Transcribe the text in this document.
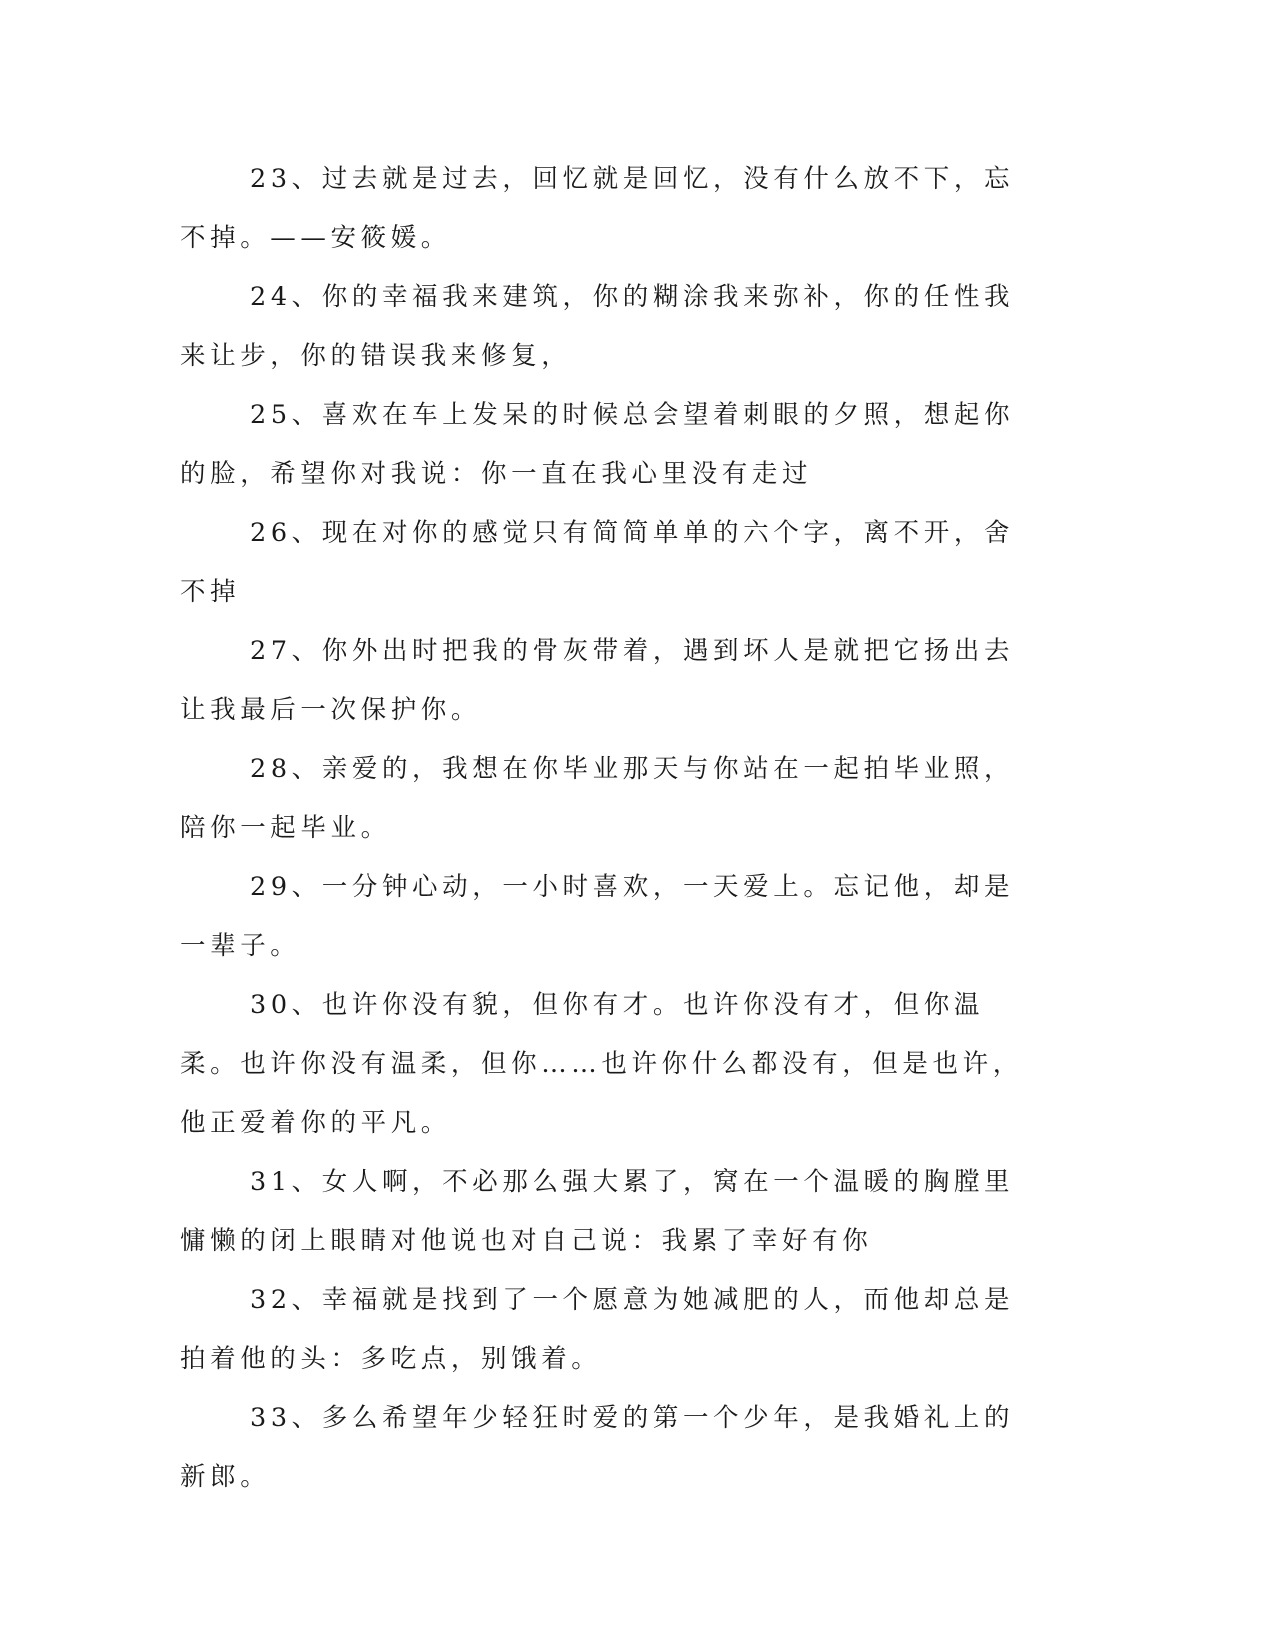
23、过去就是过去，回忆就是回忆，没有什么放不下，忘不掉。——安筱媛。

24、你的幸福我来建筑，你的糊涂我来弥补，你的任性我来让步，你的错误我来修复，

25、喜欢在车上发呆的时候总会望着刺眼的夕照，想起你的脸，希望你对我说：你一直在我心里没有走过

26、现在对你的感觉只有简简单单的六个字，离不开，舍不掉

27、你外出时把我的骨灰带着，遇到坏人是就把它扬出去让我最后一次保护你。

28、亲爱的，我想在你毕业那天与你站在一起拍毕业照，陪你一起毕业。

29、一分钟心动，一小时喜欢，一天爱上。忘记他，却是一辈子。

30、也许你没有貌，但你有才。也许你没有才，但你温柔。也许你没有温柔，但你……也许你什么都没有，但是也许，他正爱着你的平凡。

31、女人啊，不必那么强大累了，窝在一个温暖的胸膛里慵懒的闭上眼睛对他说也对自己说：我累了幸好有你

32、幸福就是找到了一个愿意为她减肥的人，而他却总是拍着他的头：多吃点，别饿着。

33、多么希望年少轻狂时爱的第一个少年，是我婚礼上的新郎。
